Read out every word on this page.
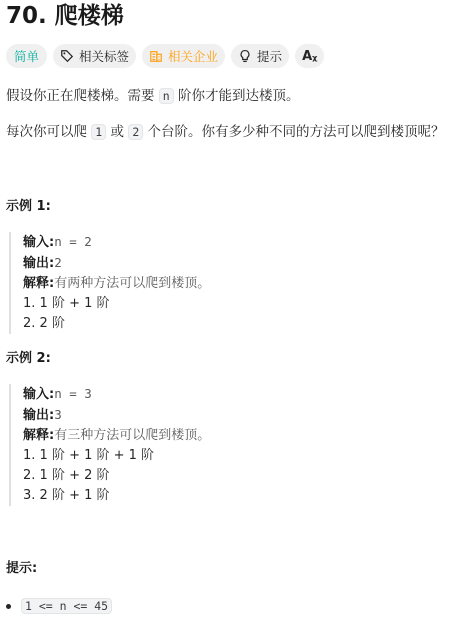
70. 爬楼梯
简单	相关标签	相关企业	提示 Aᵪ
假设你正在爬楼梯。需要 n 阶你才能到达楼顶。
每次你可以爬 1 或 2 个台阶。你有多少种不同的方法可以爬到楼顶呢？
示例 1:
输入:n = 2
输出:2
解释:有两种方法可以爬到楼顶。
1. 1 阶 + 1 阶
2. 2 阶
示例 2:
输入:n = 3
输出:3
解释:有三种方法可以爬到楼顶。
1. 1 阶 + 1 阶 + 1 阶
2. 1 阶 + 2 阶
3. 2 阶 + 1 阶
提示:
1 <= n <= 45
